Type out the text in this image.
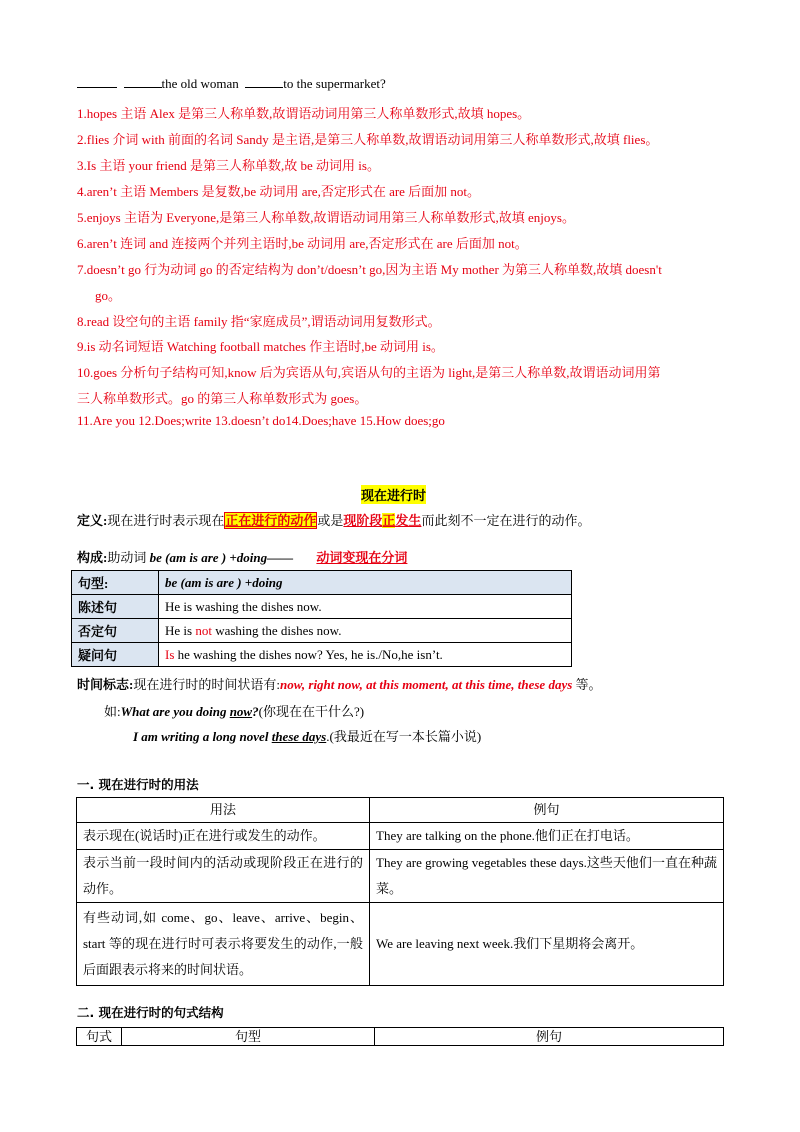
the old woman	to the supermarket?
1.hopes 主语 Alex 是第三人称单数,故谓语动词用第三人称单数形式,故填 hopes。
2.flies 介词 with 前面的名词 Sandy 是主语,是第三人称单数,故谓语动词用第三人称单数形式,故填 flies。
3.Is 主语 your friend 是第三人称单数,故 be 动词用 is。
4.aren’t 主语 Members 是复数,be 动词用 are,否定形式在 are 后面加 not。
5.enjoys 主语为 Everyone,是第三人称单数,故谓语动词用第三人称单数形式,故填 enjoys。
6.aren’t 连词 and 连接两个并列主语时,be 动词用 are,否定形式在 are 后面加 not。
7.doesn’t go 行为动词 go 的否定结构为 don’t/doesn’t go,因为主语 My mother 为第三人称单数,故填 doesn't
go。
8.read 设空句的主语 family 指“家庭成员”,谓语动词用复数形式。
9.is 动名词短语 Watching football matches 作主语时,be 动词用 is。
10.goes 分析句子结构可知,know 后为宾语从句,宾语从句的主语为 light,是第三人称单数,故谓语动词用第
三人称单数形式。go 的第三人称单数形式为 goes。
11.Are you 12.Does;write 13.doesn’t do14.Does;have 15.How does;go
现在进行时
定义:现在进行时表示现在正在进行的动作或是现阶段正发生而此刻不一定在进行的动作。
构成:助动词 be (am is are ) +doing—— 动词变现在分词
句型:	be (am is are ) +doing
陈述句	He is washing the dishes now.
否定句	He is not washing the dishes now.
疑问句	Is he washing the dishes now? Yes, he is./No,he isn’t.
时间标志:现在进行时的时间状语有:now, right now, at this moment, at this time, these days 等。
如:What are you doing now?(你现在在干什么?)
I am writing a long novel these days.(我最近在写一本长篇小说)
一. 现在进行时的用法
用法	例句
表示现在(说话时)正在进行或发生的动作。	They are talking on the phone.他们正在打电话。
表示当前一段时间内的活动或现阶段正在进行的动作。	They are growing vegetables these days.这些天他们一直在种蔬菜。
有些动词,如 come、go、leave、arrive、begin、start 等的现在进行时可表示将要发生的动作,一般后面跟表示将来的时间状语。	We are leaving next week.我们下星期将会离开。
二. 现在进行时的句式结构
句式	句型	例句
